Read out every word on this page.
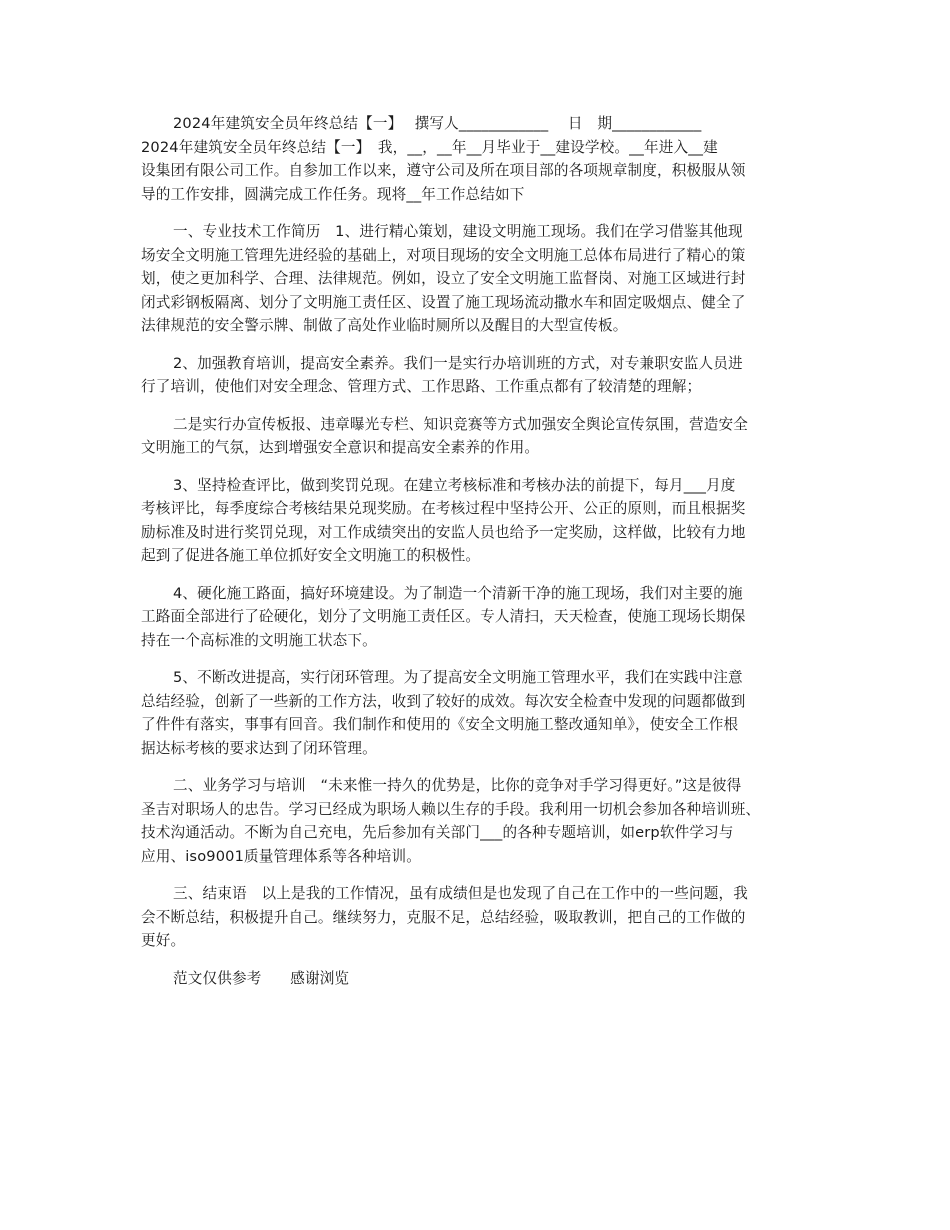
2024年建筑安全员年终总结【一】　 撰写人____________　 日　期____________
2024年建筑安全员年终总结【一】　我，__，__年__月毕业于__建设学校。__年进入__建
设集团有限公司工作。自参加工作以来，遵守公司及所在项目部的各项规章制度，积极服从领
导的工作安排，圆满完成工作任务。现将__年工作总结如下
一、专业技术工作简历　1、进行精心策划，建设文明施工现场。我们在学习借鉴其他现
场安全文明施工管理先进经验的基础上，对项目现场的安全文明施工总体布局进行了精心的策
划，使之更加科学、合理、法律规范。例如，设立了安全文明施工监督岗、对施工区域进行封
闭式彩钢板隔离、划分了文明施工责任区、设置了施工现场流动撒水车和固定吸烟点、健全了
法律规范的安全警示牌、制做了高处作业临时厕所以及醒目的大型宣传板。
2、加强教育培训，提高安全素养。我们一是实行办培训班的方式，对专兼职安监人员进
行了培训，使他们对安全理念、管理方式、工作思路、工作重点都有了较清楚的理解；
二是实行办宣传板报、违章曝光专栏、知识竞赛等方式加强安全舆论宣传氛围，营造安全
文明施工的气氛，达到增强安全意识和提高安全素养的作用。
3、坚持检查评比，做到奖罚兑现。在建立考核标准和考核办法的前提下，每月___月度
考核评比，每季度综合考核结果兑现奖励。在考核过程中坚持公开、公正的原则，而且根据奖
励标准及时进行奖罚兑现，对工作成绩突出的安监人员也给予一定奖励，这样做，比较有力地
起到了促进各施工单位抓好安全文明施工的积极性。
4、硬化施工路面，搞好环境建设。为了制造一个清新干净的施工现场，我们对主要的施
工路面全部进行了砼硬化，划分了文明施工责任区。专人清扫，天天检查，使施工现场长期保
持在一个高标准的文明施工状态下。
5、不断改进提高，实行闭环管理。为了提高安全文明施工管理水平，我们在实践中注意
总结经验，创新了一些新的工作方法，收到了较好的成效。每次安全检查中发现的问题都做到
了件件有落实，事事有回音。我们制作和使用的《安全文明施工整改通知单》，使安全工作根
据达标考核的要求达到了闭环管理。
二、业务学习与培训　“未来惟一持久的优势是，比你的竞争对手学习得更好。”这是彼得
圣吉对职场人的忠告。学习已经成为职场人赖以生存的手段。我利用一切机会参加各种培训班、
技术沟通活动。不断为自己充电，先后参加有关部门___的各种专题培训，如erp软件学习与
应用、iso9001质量管理体系等各种培训。
三、结束语　以上是我的工作情况，虽有成绩但是也发现了自己在工作中的一些问题，我
会不断总结，积极提升自己。继续努力，克服不足，总结经验，吸取教训，把自己的工作做的
更好。
范文仅供参考 感谢浏览
